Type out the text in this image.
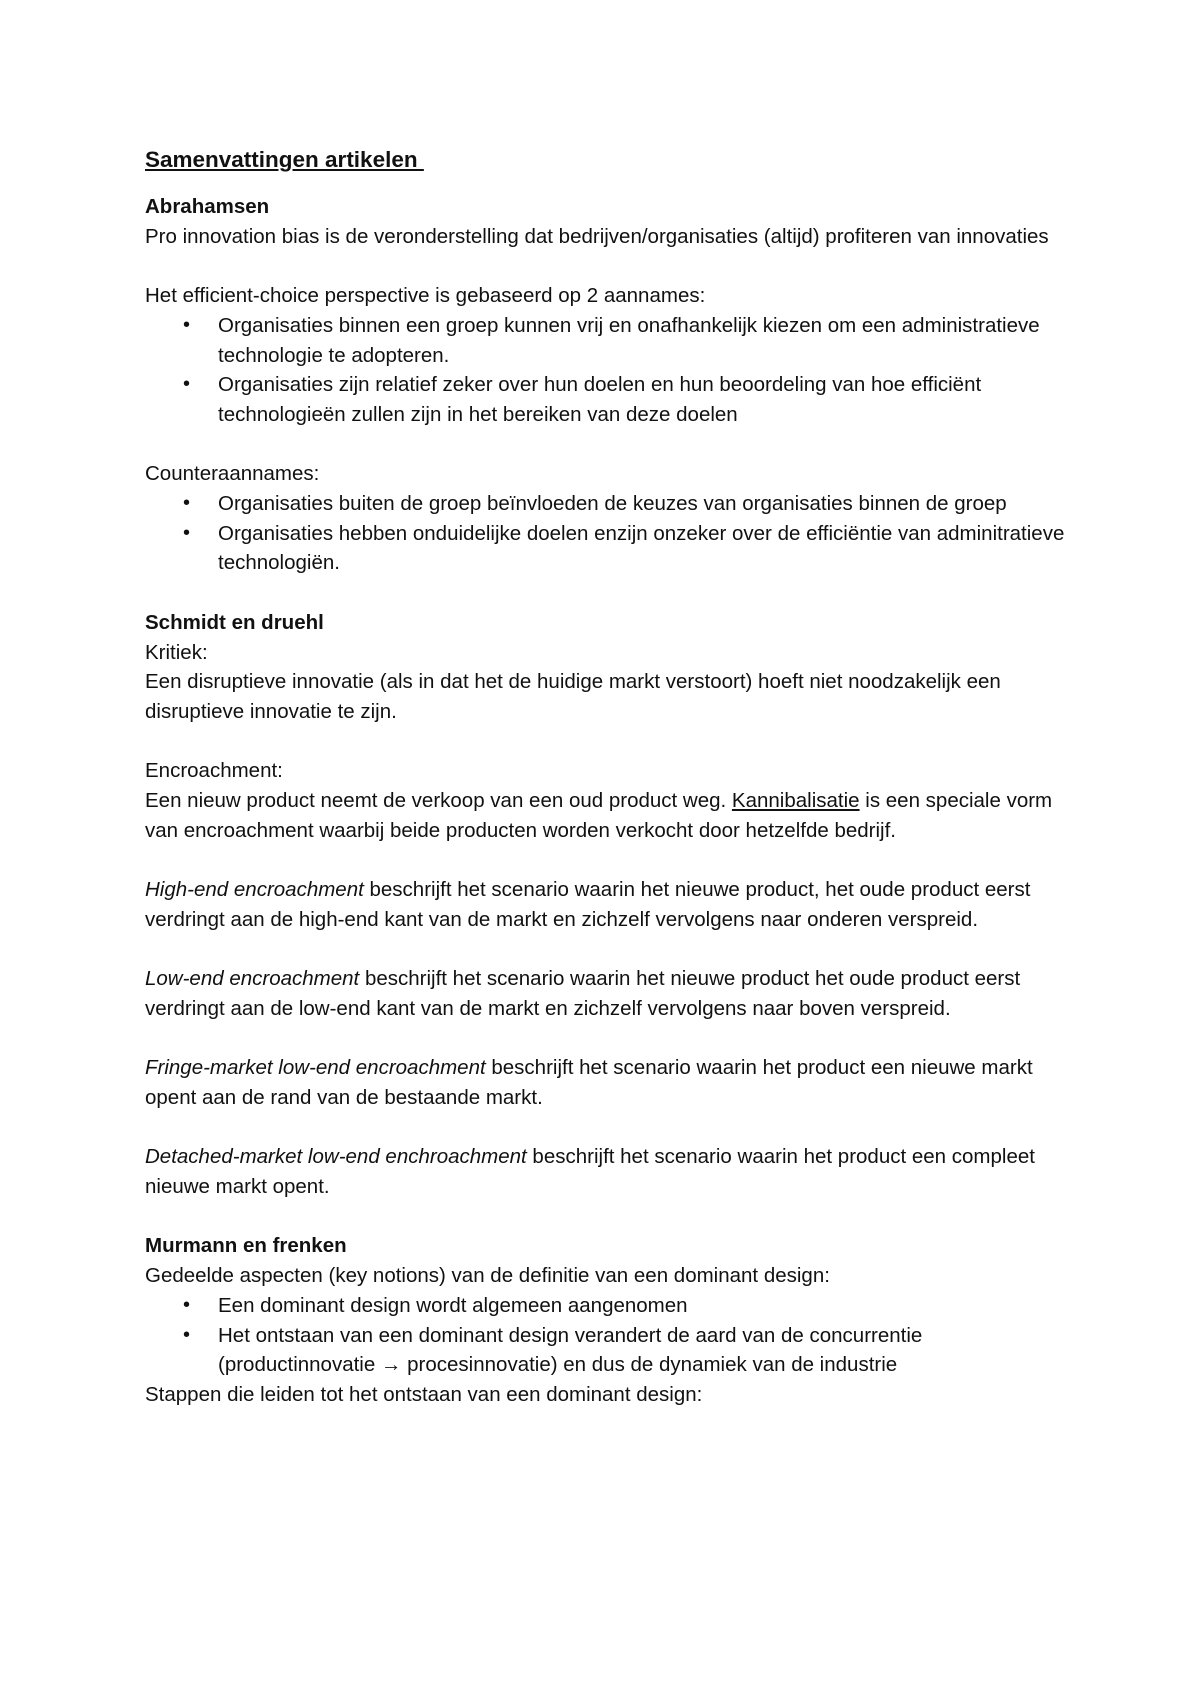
Samenvattingen artikelen
Abrahamsen

Pro innovation bias is de veronderstelling dat bedrijven/organisaties (altijd) profiteren van innovaties

Het efficient-choice perspective is gebaseerd op 2 aannames:

• Organisaties binnen een groep kunnen vrij en onafhankelijk kiezen om een administratieve technologie te adopteren.
• Organisaties zijn relatief zeker over hun doelen en hun beoordeling van hoe efficiënt technologieën zullen zijn in het bereiken van deze doelen

Counteraannames:

• Organisaties buiten de groep beïnvloeden de keuzes van organisaties binnen de groep
• Organisaties hebben onduidelijke doelen enzijn onzeker over de efficiëntie van adminitratieve technologiën.
Schmidt en druehl

Kritiek:

Een disruptieve innovatie (als in dat het de huidige markt verstoort) hoeft niet noodzakelijk een disruptieve innovatie te zijn.

Encroachment:

Een nieuw product neemt de verkoop van een oud product weg. Kannibalisatie is een speciale vorm van encroachment waarbij beide producten worden verkocht door hetzelfde bedrijf.

High-end encroachment beschrijft het scenario waarin het nieuwe product, het oude product eerst verdringt aan de high-end kant van de markt en zichzelf vervolgens naar onderen verspreid.

Low-end encroachment beschrijft het scenario waarin het nieuwe product het oude product eerst verdringt aan de low-end kant van de markt en zichzelf vervolgens naar boven verspreid.

Fringe-market low-end encroachment beschrijft het scenario waarin het product een nieuwe markt opent aan de rand van de bestaande markt.

Detached-market low-end enchroachment beschrijft het scenario waarin het product een compleet nieuwe markt opent.

Murmann en frenken

Gedeelde aspecten (key notions) van de definitie van een dominant design:

• Een dominant design wordt algemeen aangenomen
• Het ontstaan van een dominant design verandert de aard van de concurrentie (productinnovatie → procesinnovatie) en dus de dynamiek van de industrie

Stappen die leiden tot het ontstaan van een dominant design:
